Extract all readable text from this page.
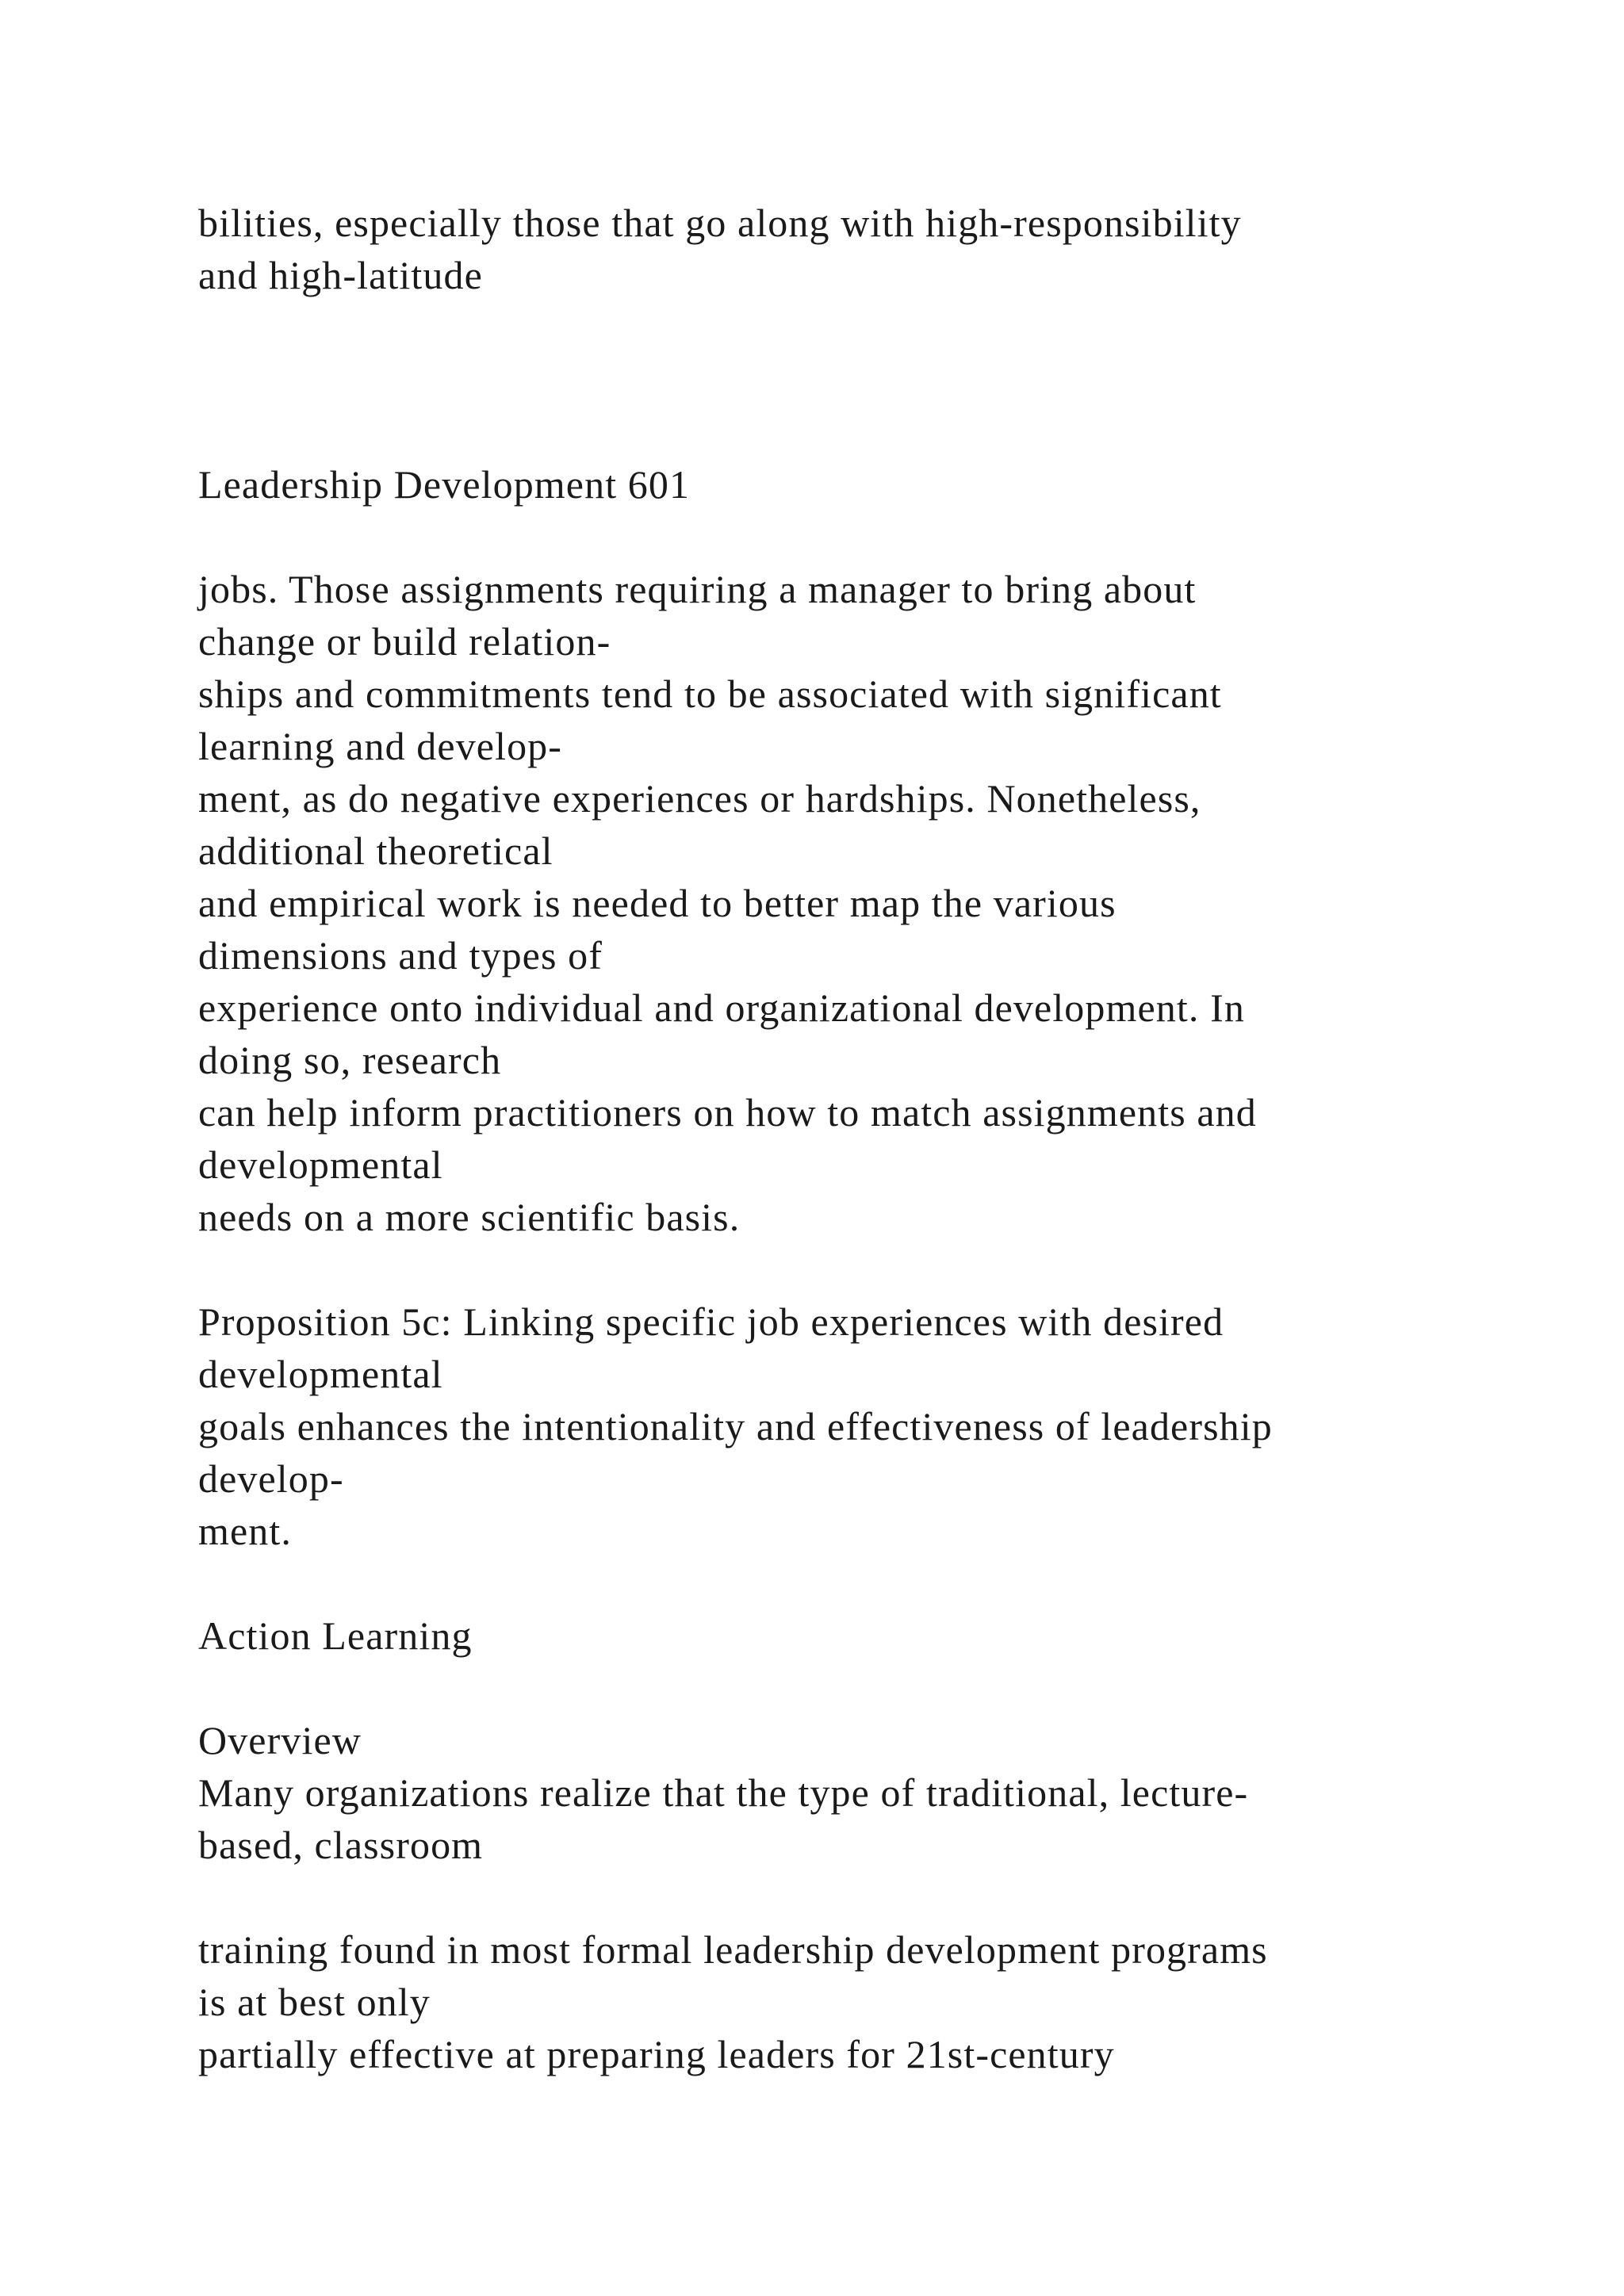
bilities, especially those that go along with high-responsibility

and high-latitude

Leadership Development 601

jobs. Those assignments requiring a manager to bring about

change or build relation-

ships and commitments tend to be associated with significant

learning and develop-

ment, as do negative experiences or hardships. Nonetheless,

additional theoretical

and empirical work is needed to better map the various

dimensions and types of

experience onto individual and organizational development. In

doing so, research

can help inform practitioners on how to match assignments and

developmental

needs on a more scientific basis.

Proposition 5c: Linking specific job experiences with desired

developmental

goals enhances the intentionality and effectiveness of leadership

develop-

ment.

Action Learning

Overview

Many organizations realize that the type of traditional, lecture-

based, classroom

training found in most formal leadership development programs

is at best only

partially effective at preparing leaders for 21st-century
